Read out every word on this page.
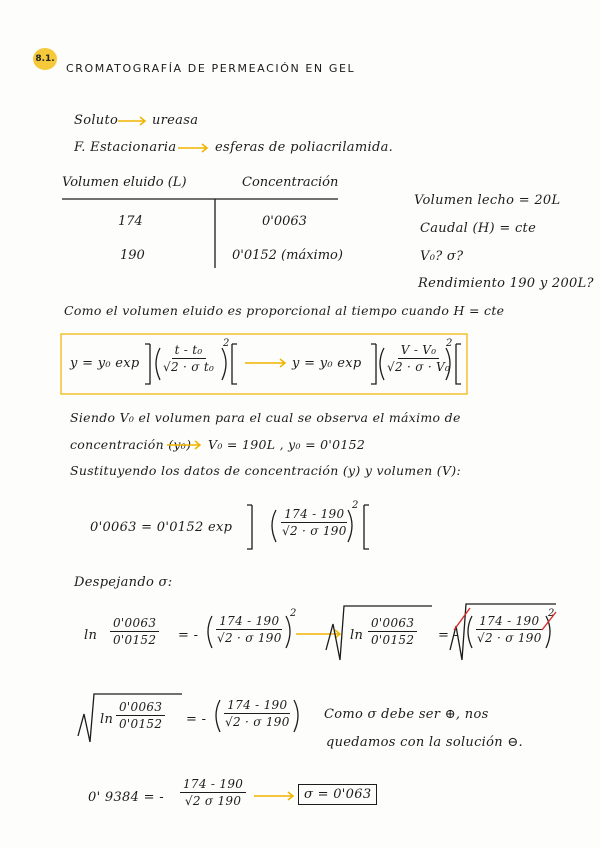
8.1.
CROMATOGRAFÍA DE PERMEACIÓN EN GEL
Soluto	ureasa
F. Estacionaria	esferas de poliacrilamida.
Volumen eluido (L)	Concentración
174	0'0063
190	0'0152 (máximo)
Volumen lecho = 20L
Caudal (H) = cte
V₀? σ?
Rendimiento 190 y 200L?
Como el volumen eluido es proporcional al tiempo cuando H = cte
y = y₀ $\exp \frac{\text{t - t₀}}{\text{√2 · σ t₀}} 2$
y = y₀ $\exp \frac{\text{V - V₀}}{\text{√2 · σ · V₀}}$
2
Siendo V₀ el volumen para el cual se observa el máximo de
concentración (y₀) V₀ = 190L , y₀ = 0'0152
Sustituyendo los datos de concentración (y) y volumen (V):
0'0063 = 0'0152 exp	$\frac{174 - 190}{√2 \cdot \sigma 190}$
2
Despejando σ:
$\ln \frac{0'0063}{0'0152}$ = - $\frac{174 - 190}{√2 \cdot \sigma 190}$
2
$\ln \frac{0'0063}{0'0152}$ = - $\frac{174 - 190}{√2 \cdot \sigma 190}$
2
$\ln \frac{0'0063}{0'0152}$ = - $\frac{174 - 190}{√2 \cdot \sigma 190}$ Como σ debe ser ⊕, nos
quedamos con la solución ⊖.
0' 9384 = - $\frac{174 - 190}{√2 \sigma 190}$	σ = 0'063
